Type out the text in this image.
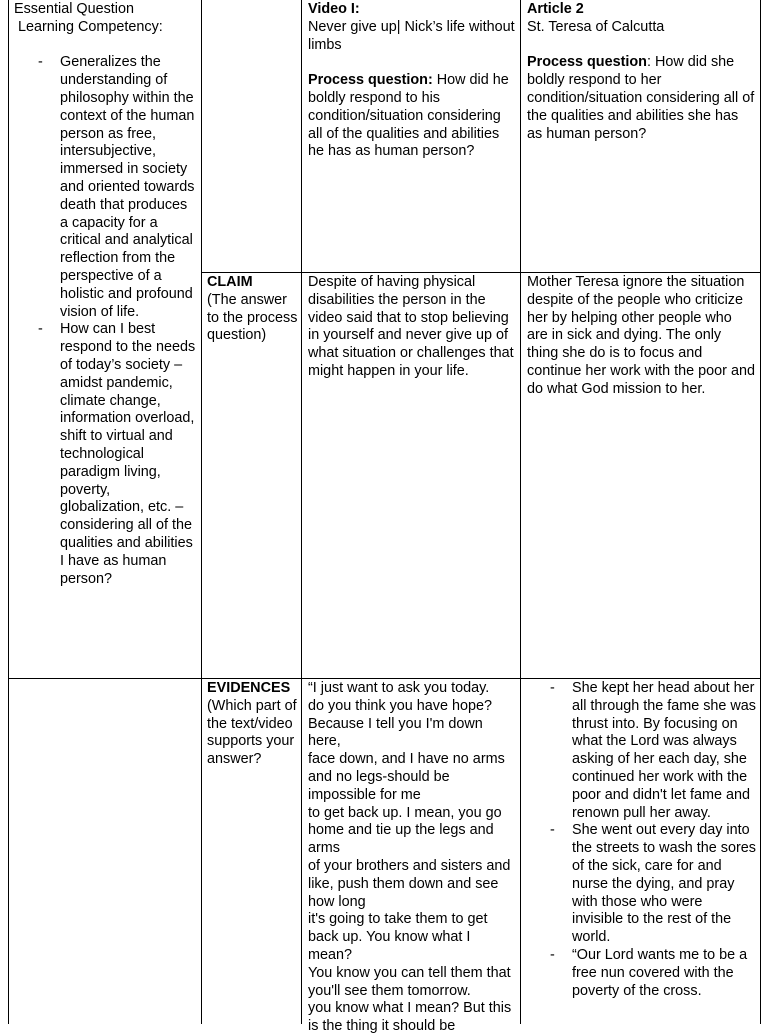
Essential Question

Learning Competency:

- Generalizes the understanding of philosophy within the context of the human person as free, intersubjective, immersed in society and oriented towards death that produces a capacity for a critical and analytical reflection from the perspective of a holistic and profound vision of life.
- How can I best respond to the needs of today’s society – amidst pandemic, climate change, information overload, shift to virtual and technological paradigm living, poverty, globalization, etc. – considering all of the qualities and abilities I have as human person?

Video I:

Never give up| Nick’s life without limbs

Process question: How did he boldly respond to his condition/situation considering all of the qualities and abilities he has as human person?

Article 2

St. Teresa of Calcutta

Process question: How did she boldly respond to her condition/situation considering all of the qualities and abilities she has as human person?

CLAIM

(The answer to the process question)

Despite of having physical disabilities the person in the video said that to stop believing in yourself and never give up of what situation or challenges that might happen in your life.

Mother Teresa ignore the situation despite of the people who criticize her by helping other people who are in sick and dying. The only thing she do is to focus and continue her work with the poor and do what God mission to her.

EVIDENCES

(Which part of the text/video supports your answer?

“I just want to ask you today.

do you think you have hope?

Because I tell you I'm down here,

face down, and I have no arms and no legs-should be impossible for me

to get back up. I mean, you go home and tie up the legs and arms

of your brothers and sisters and like, push them down and see how long

it's going to take them to get back up. You know what I mean?

You know you can tell them that you'll see them tomorrow.

you know what I mean? But this is the thing it should be

- She kept her head about her all through the fame she was thrust into. By focusing on what the Lord was always asking of her each day, she continued her work with the poor and didn't let fame and renown pull her away.
- She went out every day into the streets to wash the sores of the sick, care for and nurse the dying, and pray with those who were invisible to the rest of the world.
- “Our Lord wants me to be a free nun covered with the poverty of the cross.
